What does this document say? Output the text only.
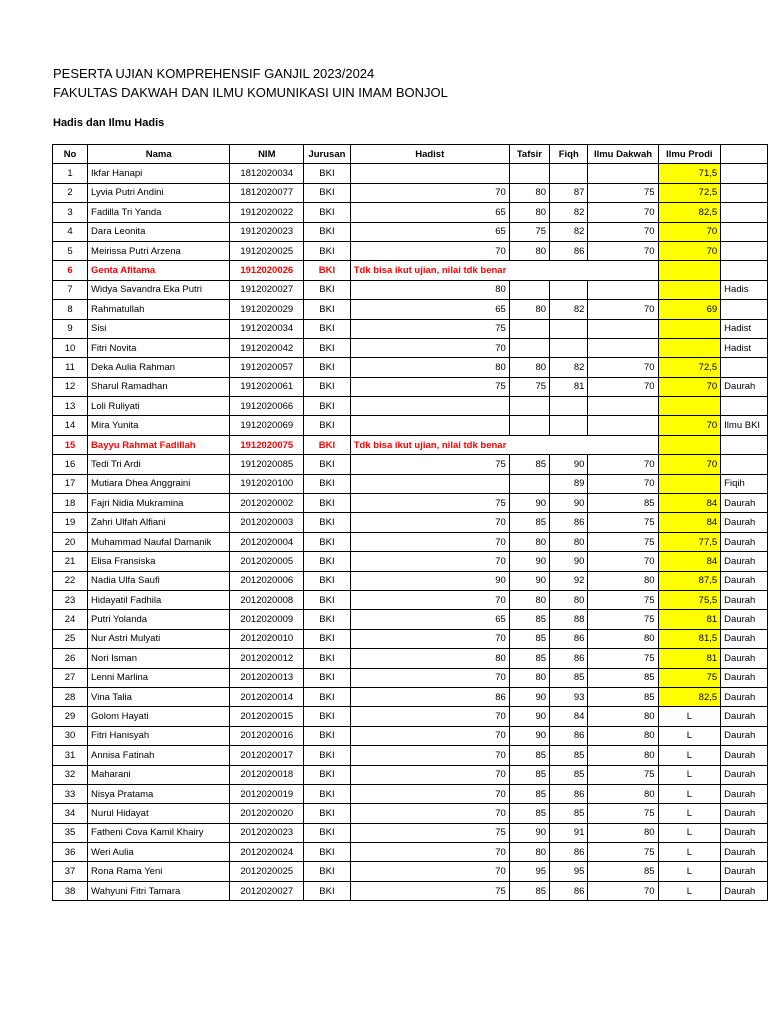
PESERTA UJIAN KOMPREHENSIF GANJIL 2023/2024
FAKULTAS DAKWAH DAN ILMU KOMUNIKASI UIN IMAM BONJOL
Hadis dan Ilmu Hadis
No	Nama	NIM	Jurusan	Hadist	Tafsir	Fiqh	Ilmu Dakwah	Ilmu Prodi	
1	Ikfar Hanapi	1812020034	BKI					71,5	
2	Lyvia Putri Andini	1812020077	BKI	70	80	87	75	72,5	
3	Fadilla Tri Yanda	1912020022	BKI	65	80	82	70	82,5	
4	Dara Leonita	1912020023	BKI	65	75	82	70	70	
5	Meirissa Putri Arzena	1912020025	BKI	70	80	86	70	70	
6	Genta Afitama	1912020026	BKI	Tdk bisa ikut ujian, nilai tdk benar					
7	Widya Savandra Eka Putri	1912020027	BKI	80					Hadis
8	Rahmatullah	1912020029	BKI	65	80	82	70	69	
9	Sisi	1912020034	BKI	75					Hadist
10	Fitri Novita	1912020042	BKI	70					Hadist
11	Deka Aulia Rahman	1912020057	BKI	80	80	82	70	72,5	
12	Sharul Ramadhan	1912020061	BKI	75	75	81	70	70	Daurah
13	Loli Ruliyati	1912020066	BKI						
14	Mira Yunita	1912020069	BKI					70	Ilmu BKI
15	Bayyu Rahmat Fadillah	1912020075	BKI	Tdk bisa ikut ujian, nilai tdk benar					
16	Tedi Tri Ardi	1912020085	BKI	75	85	90	70	70	
17	Mutiara Dhea Anggraini	1912020100	BKI			89	70		Fiqih
18	Fajri Nidia Mukramina	2012020002	BKI	75	90	90	85	84	Daurah
19	Zahri Ulfah Alfiani	2012020003	BKI	70	85	86	75	84	Daurah
20	Muhammad Naufal Damanik	2012020004	BKI	70	80	80	75	77,5	Daurah
21	Elisa Fransiska	2012020005	BKI	70	90	90	70	84	Daurah
22	Nadia Ulfa Saufi	2012020006	BKI	90	90	92	80	87,5	Daurah
23	Hidayatil Fadhila	2012020008	BKI	70	80	80	75	75,5	Daurah
24	Putri Yolanda	2012020009	BKI	65	85	88	75	81	Daurah
25	Nur Astri Mulyati	2012020010	BKI	70	85	86	80	81,5	Daurah
26	Nori Isman	2012020012	BKI	80	85	86	75	81	Daurah
27	Lenni Marlina	2012020013	BKI	70	80	85	85	75	Daurah
28	Vina Talia	2012020014	BKI	86	90	93	85	82,5	Daurah
29	Golom Hayati	2012020015	BKI	70	90	84	80	L	Daurah
30	Fitri Hanisyah	2012020016	BKI	70	90	86	80	L	Daurah
31	Annisa Fatinah	2012020017	BKI	70	85	85	80	L	Daurah
32	Maharani	2012020018	BKI	70	85	85	75	L	Daurah
33	Nisya Pratama	2012020019	BKI	70	85	86	80	L	Daurah
34	Nurul Hidayat	2012020020	BKI	70	85	85	75	L	Daurah
35	Fatheni Cova Kamil Khairy	2012020023	BKI	75	90	91	80	L	Daurah
36	Weri Aulia	2012020024	BKI	70	80	86	75	L	Daurah
37	Rona Rama Yeni	2012020025	BKI	70	95	95	85	L	Daurah
38	Wahyuni Fitri Tamara	2012020027	BKI	75	85	86	70	L	Daurah
